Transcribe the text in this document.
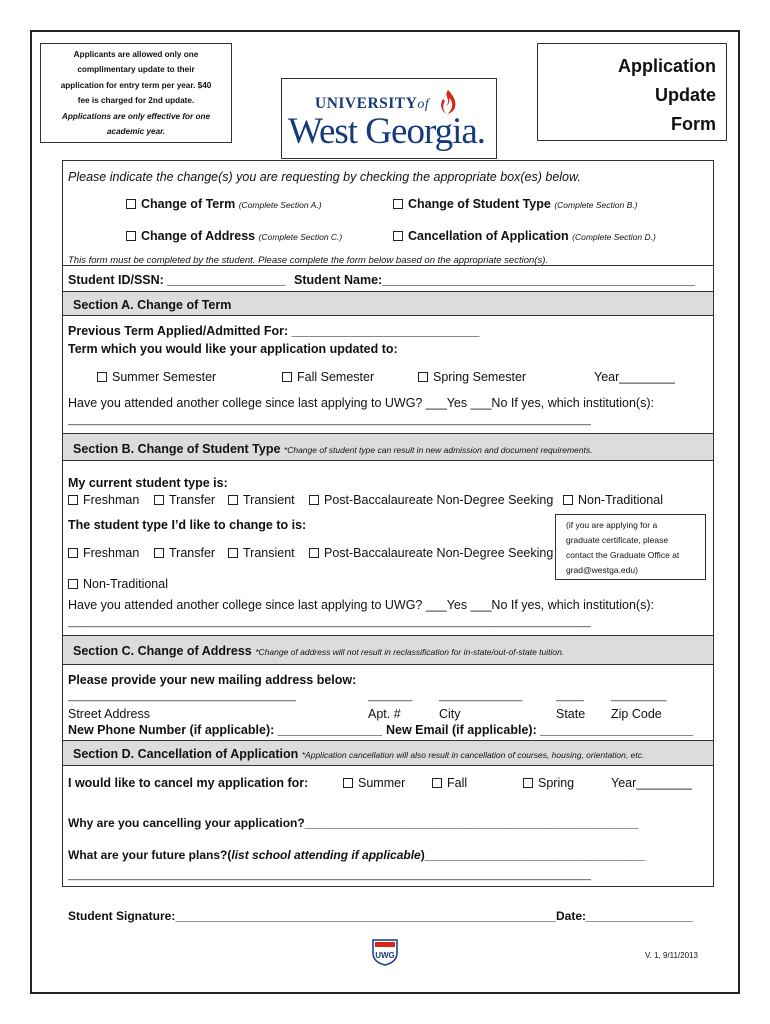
Applicants are allowed only one
complimentary update to their
application for entry term per year. $40
fee is charged for 2nd update.
Applications are only effective for one
academic year.
UNIVERSITYof
West Georgia.
Application
Update
Form
Please indicate the change(s) you are requesting by checking the appropriate box(es) below.
Change of Term (Complete Section A.)	Change of Student Type (Complete Section B.)
Change of Address (Complete Section C.)	Cancellation of Application (Complete Section D.)
This form must be completed by the student. Please complete the form below based on the appropriate section(s).
Student ID/SSN: _________________ Student Name:_____________________________________________
Section A. Change of Term
Previous Term Applied/Admitted For: ___________________________
Term which you would like your application updated to:
Summer Semester	Fall Semester	Spring Semester	Year________
Have you attended another college since last applying to UWG? ___Yes ___No If yes, which institution(s):
______________________________________________________________________________________________
Section B. Change of Student Type *Change of student type can result in new admission and document requirements.
My current student type is:
Freshman	Transfer	Transient	Post-Baccalaureate Non-Degree Seeking	Non-Traditional
The student type I’d like to change to is:
Freshman	Transfer	Transient	Post-Baccalaureate Non-Degree Seeking
(if you are applying for a
graduate certificate, please
contact the Graduate Office at
grad@westga.edu)
Non-Traditional
Have you attended another college since last applying to UWG? ___Yes ___No If yes, which institution(s):
______________________________________________________________________________________________
Section C. Change of Address *Change of address will not result in reclassification for in-state/out-of-state tuition.
Please provide your new mailing address below:
_________________________________________	________	_______________	_____	__________
Street Address	Apt. #	City	State Zip Code
New Phone Number (if applicable): _______________ New Email (if applicable): ______________________
Section D. Cancellation of Application *Application cancellation will also result in cancellation of courses, housing, orientation, etc.
I would like to cancel my application for:	Summer	Fall	Spring	Year________
Why are you cancelling your application?__________________________________________________
What are your future plans?(list school attending if applicable)_________________________________
______________________________________________________________________________________________
Student Signature:_________________________________________________________ Date:________________
UWG	V. 1, 9/11/2013
